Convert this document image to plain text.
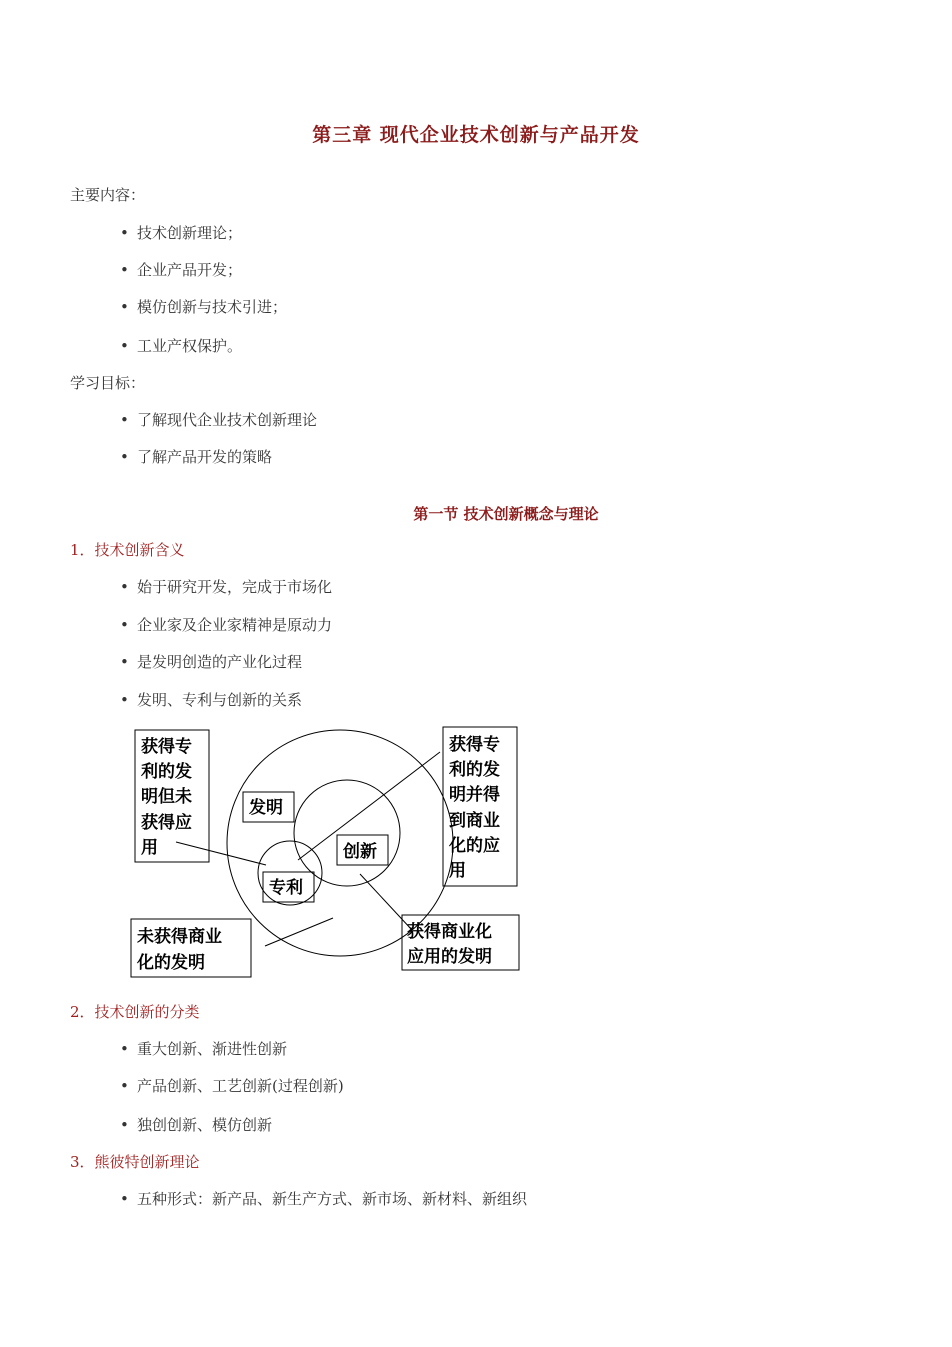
第三章 现代企业技术创新与产品开发
主要内容：
• 技术创新理论；
• 企业产品开发；
• 模仿创新与技术引进；
• 工业产权保护。
学习目标：
• 了解现代企业技术创新理论
• 了解产品开发的策略
第一节 技术创新概念与理论
1．技术创新含义
• 始于研究开发，完成于市场化
• 企业家及企业家精神是原动力
• 是发明创造的产业化过程
• 发明、专利与创新的关系
获得专
利的发
明但未
获得应
用
获得专
利的发
明并得
到商业
化的应
用
未获得商业
化的发明
获得商业化
应用的发明
发明
创新
专利
2．技术创新的分类
• 重大创新、渐进性创新
• 产品创新、工艺创新(过程创新)
• 独创创新、模仿创新
3．熊彼特创新理论
• 五种形式：新产品、新生产方式、新市场、新材料、新组织
